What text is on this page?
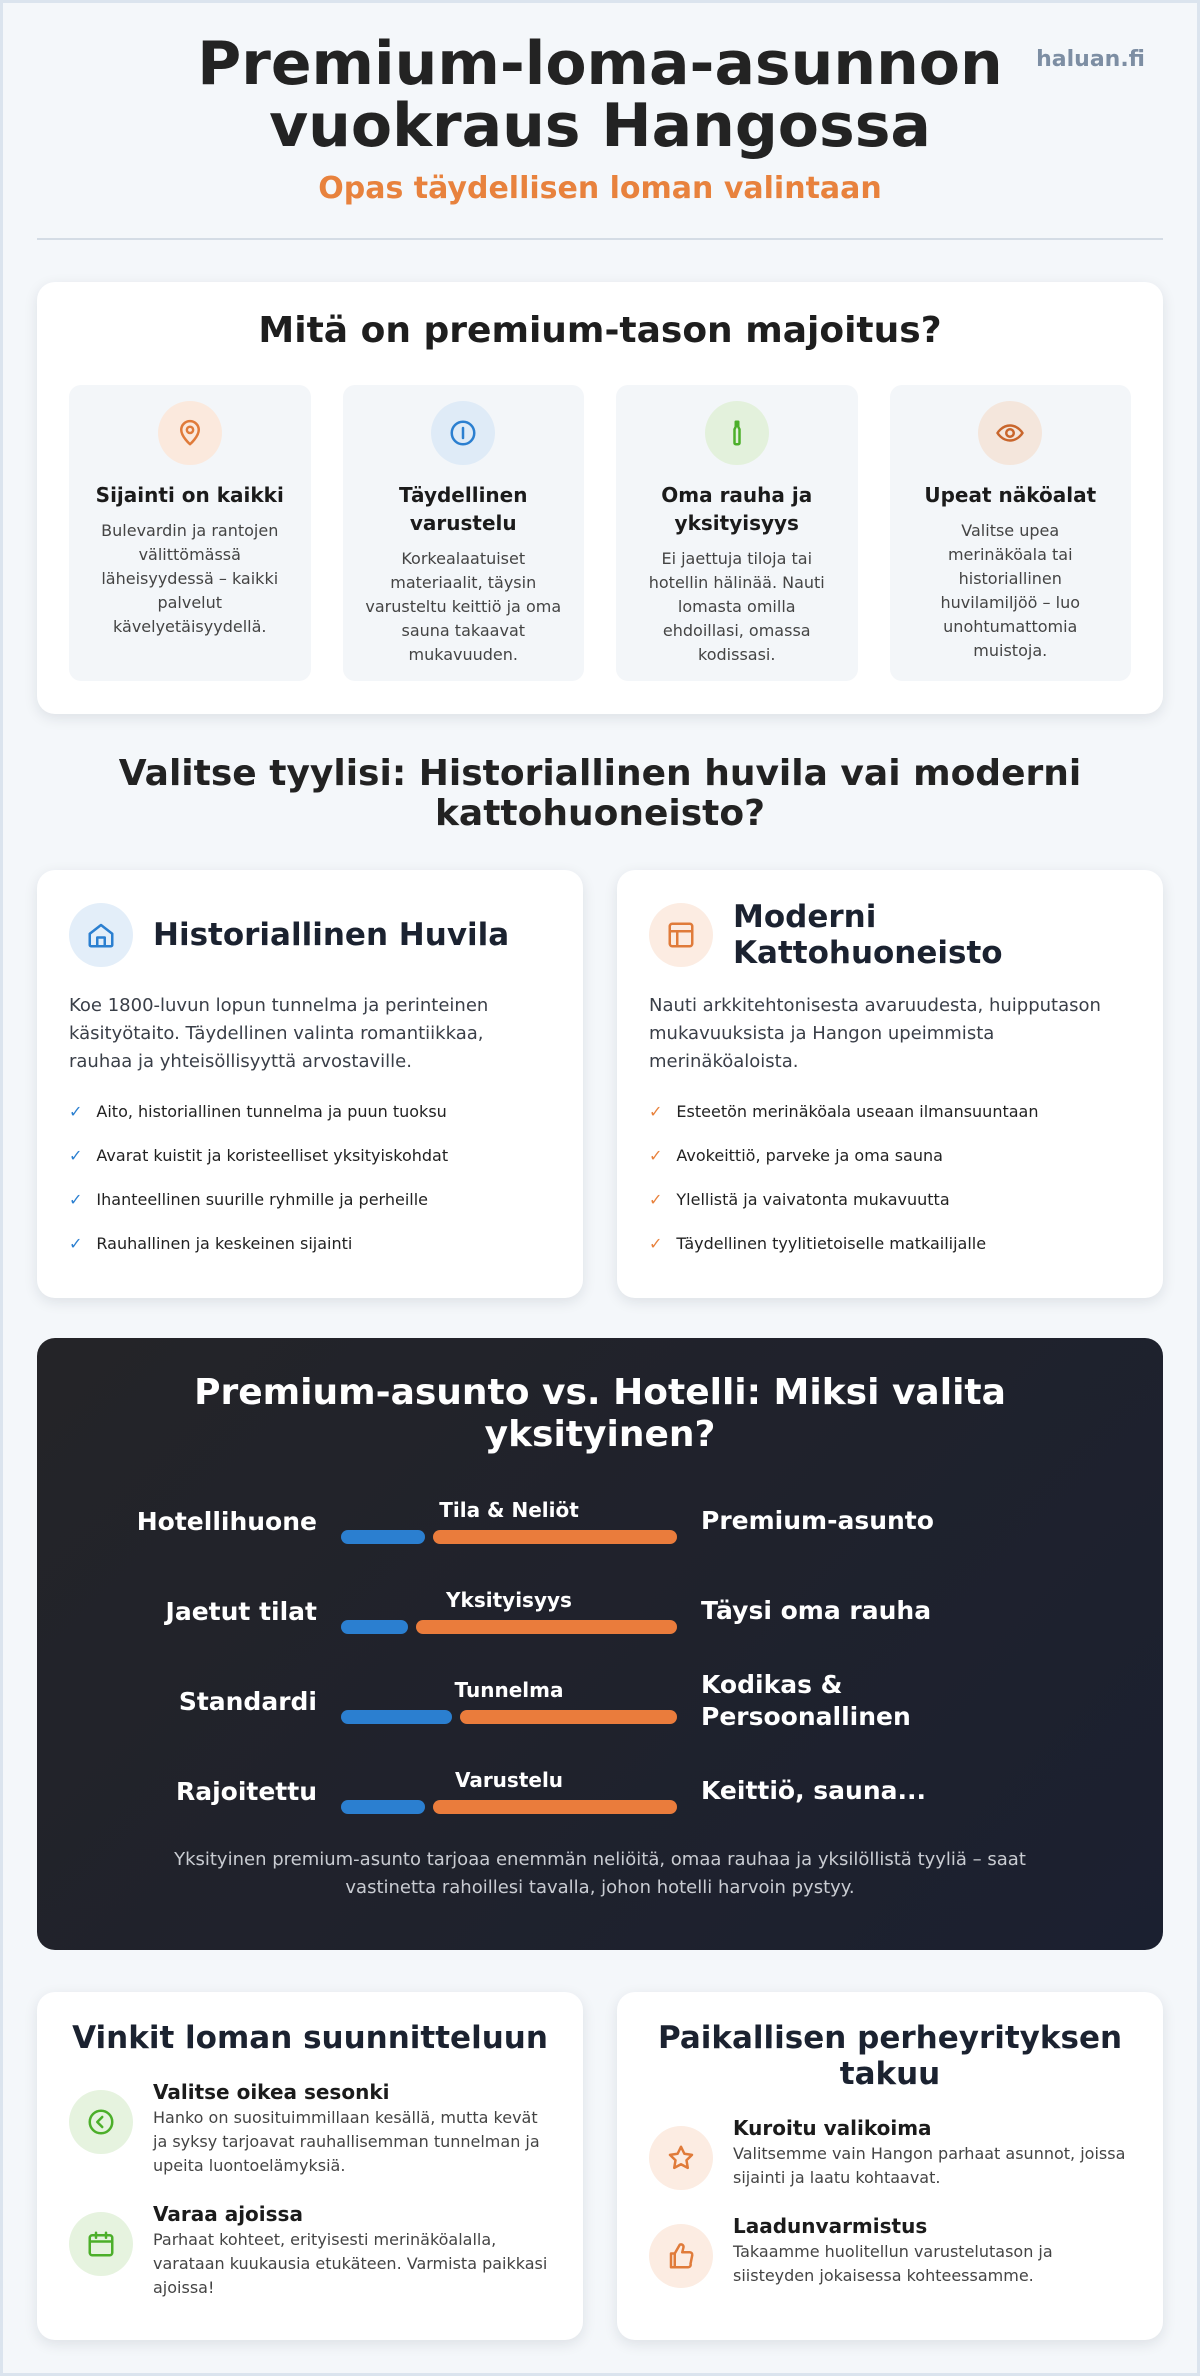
haluan.fi
Premium-loma-asunnon vuokraus Hangossa
Opas täydellisen loman valintaan
Mitä on premium-tason majoitus?
Sijainti on kaikki

Bulevardin ja rantojen välittömässä läheisyydessä – kaikki palvelut kävelyetäisyydellä.

Täydellinen varustelu

Korkealaatuiset materiaalit, täysin varusteltu keittiö ja oma sauna takaavat mukavuuden.

Oma rauha ja yksityisyys

Ei jaettuja tiloja tai hotellin hälinää. Nauti lomasta omilla ehdoillasi, omassa kodissasi.

Upeat näköalat

Valitse upea merinäköala tai historiallinen huvilamiljöö – luo unohtumattomia muistoja.

Valitse tyylisi: Historiallinen huvila vai moderni kattohuoneisto?
Historiallinen Huvila

Koe 1800-luvun lopun tunnelma ja perinteinen käsityötaito. Täydellinen valinta romantiikkaa, rauhaa ja yhteisöllisyyttä arvostaville.

✓ Aito, historiallinen tunnelma ja puun tuoksu
✓ Avarat kuistit ja koristeelliset yksityiskohdat
✓ Ihanteellinen suurille ryhmille ja perheille
✓ Rauhallinen ja keskeinen sijainti
Moderni Kattohuoneisto

Nauti arkkitehtonisesta avaruudesta, huipputason mukavuuksista ja Hangon upeimmista merinäköaloista.

✓ Esteetön merinäköala useaan ilmansuuntaan
✓ Avokeittiö, parveke ja oma sauna
✓ Ylellistä ja vaivatonta mukavuutta
✓ Täydellinen tyylitietoiselle matkailijalle
Premium-asunto vs. Hotelli: Miksi valita yksityinen?
Hotellihuone	Tila & Neliöt	Premium-asunto
Jaetut tilat	Yksityisyys	Täysi oma rauha
Standardi	Tunnelma	Kodikas & Persoonallinen
Rajoitettu	Varustelu	Keittiö, sauna...

Yksityinen premium-asunto tarjoaa enemmän neliöitä, omaa rauhaa ja yksilöllistä tyyliä – saat vastinetta rahoillesi tavalla, johon hotelli harvoin pystyy.

Vinkit loman suunnitteluun
Valitse oikea sesonki

Hanko on suosituimmillaan kesällä, mutta kevät ja syksy tarjoavat rauhallisemman tunnelman ja upeita luontoelämyksiä.

Varaa ajoissa

Parhaat kohteet, erityisesti merinäköalalla, varataan kuukausia etukäteen. Varmista paikkasi ajoissa!

Paikallisen perheyrityksen takuu
Kuroitu valikoima

Valitsemme vain Hangon parhaat asunnot, joissa sijainti ja laatu kohtaavat.

Laadunvarmistus

Takaamme huolitellun varustelutason ja siisteyden jokaisessa kohteessamme.
